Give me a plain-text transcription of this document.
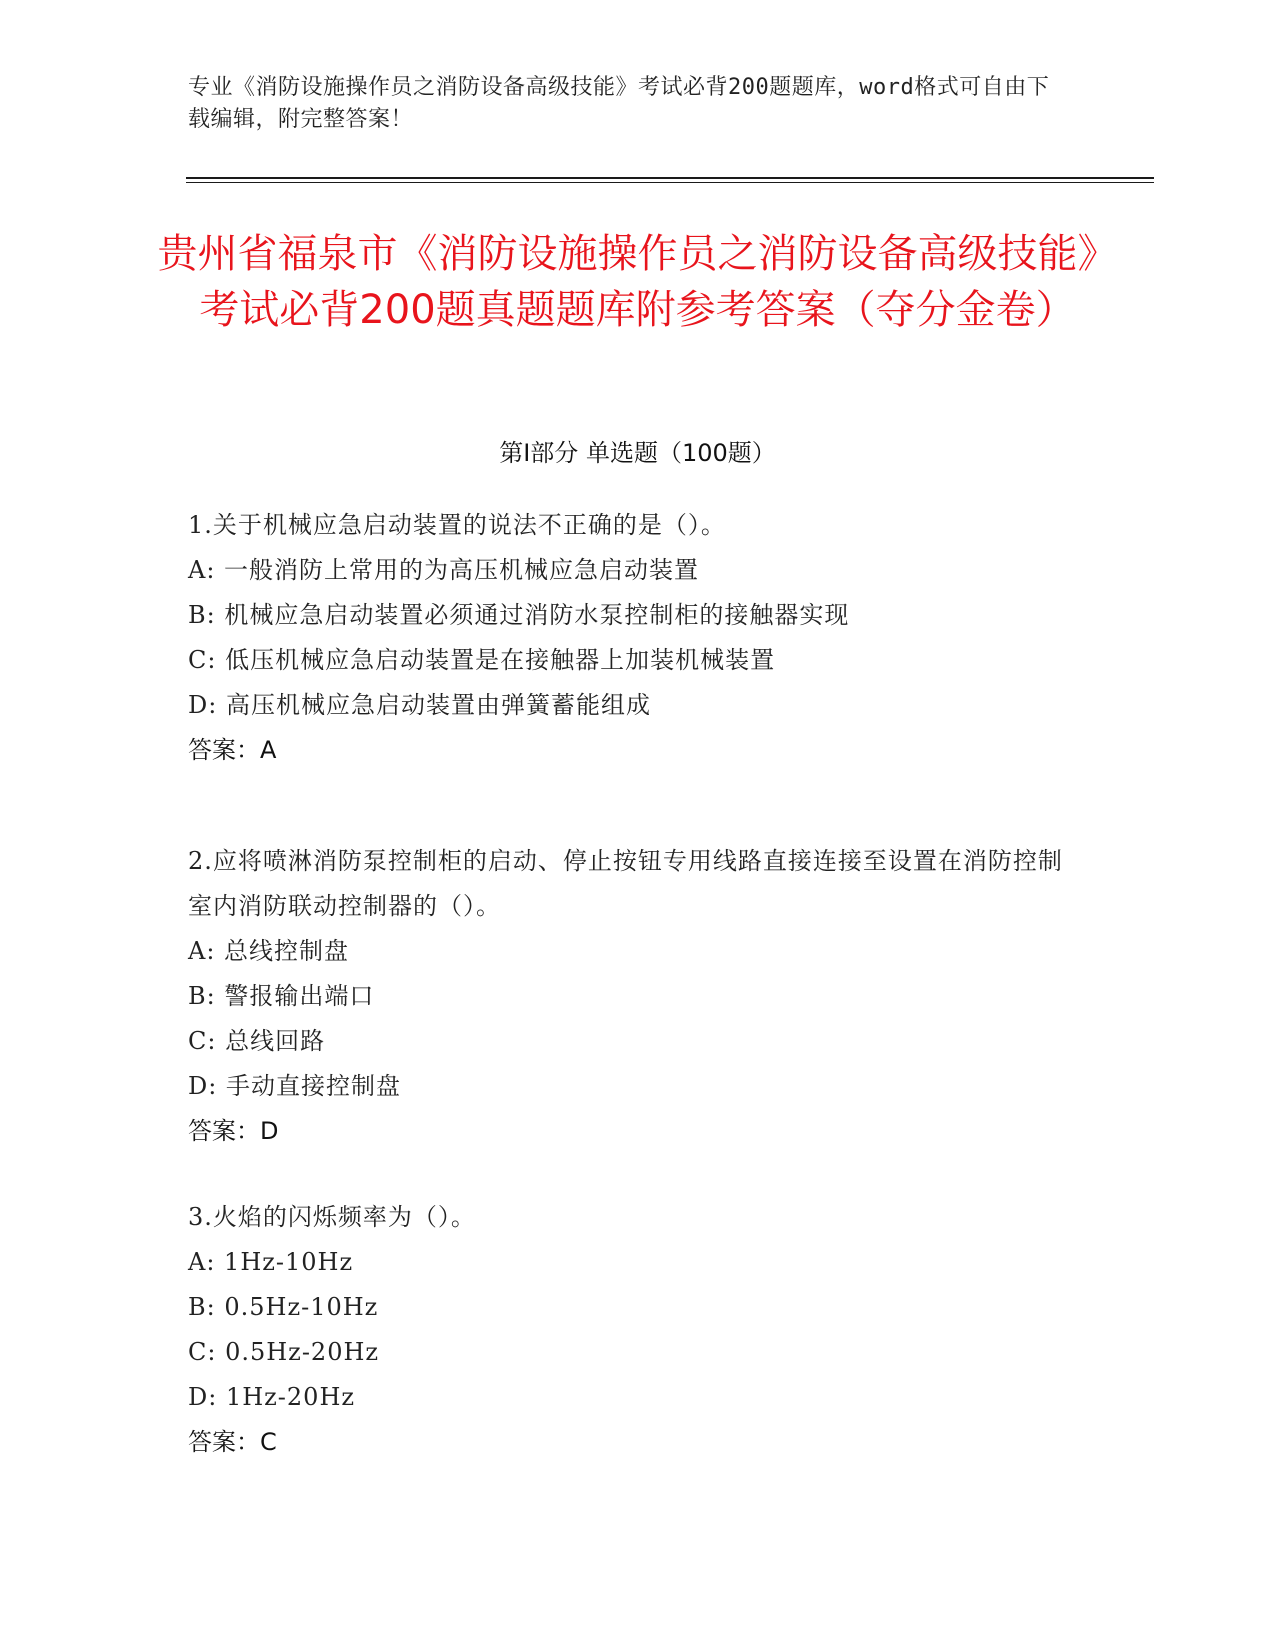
专业《消防设施操作员之消防设备高级技能》考试必背200题题库，word格式可自由下载编辑，附完整答案！
贵州省福泉市《消防设施操作员之消防设备高级技能》考试必背200题真题题库附参考答案（夺分金卷）
第Ⅰ部分 单选题（100题）

1.关于机械应急启动装置的说法不正确的是（）。

A: 一般消防上常用的为高压机械应急启动装置

B: 机械应急启动装置必须通过消防水泵控制柜的接触器实现

C: 低压机械应急启动装置是在接触器上加装机械装置

D: 高压机械应急启动装置由弹簧蓄能组成

答案：A

2.应将喷淋消防泵控制柜的启动、停止按钮专用线路直接连接至设置在消防控制室内消防联动控制器的（）。

A: 总线控制盘

B: 警报输出端口

C: 总线回路

D: 手动直接控制盘

答案：D

3.火焰的闪烁频率为（）。

A: 1Hz-10Hz

B: 0.5Hz-10Hz

C: 0.5Hz-20Hz

D: 1Hz-20Hz

答案：C
